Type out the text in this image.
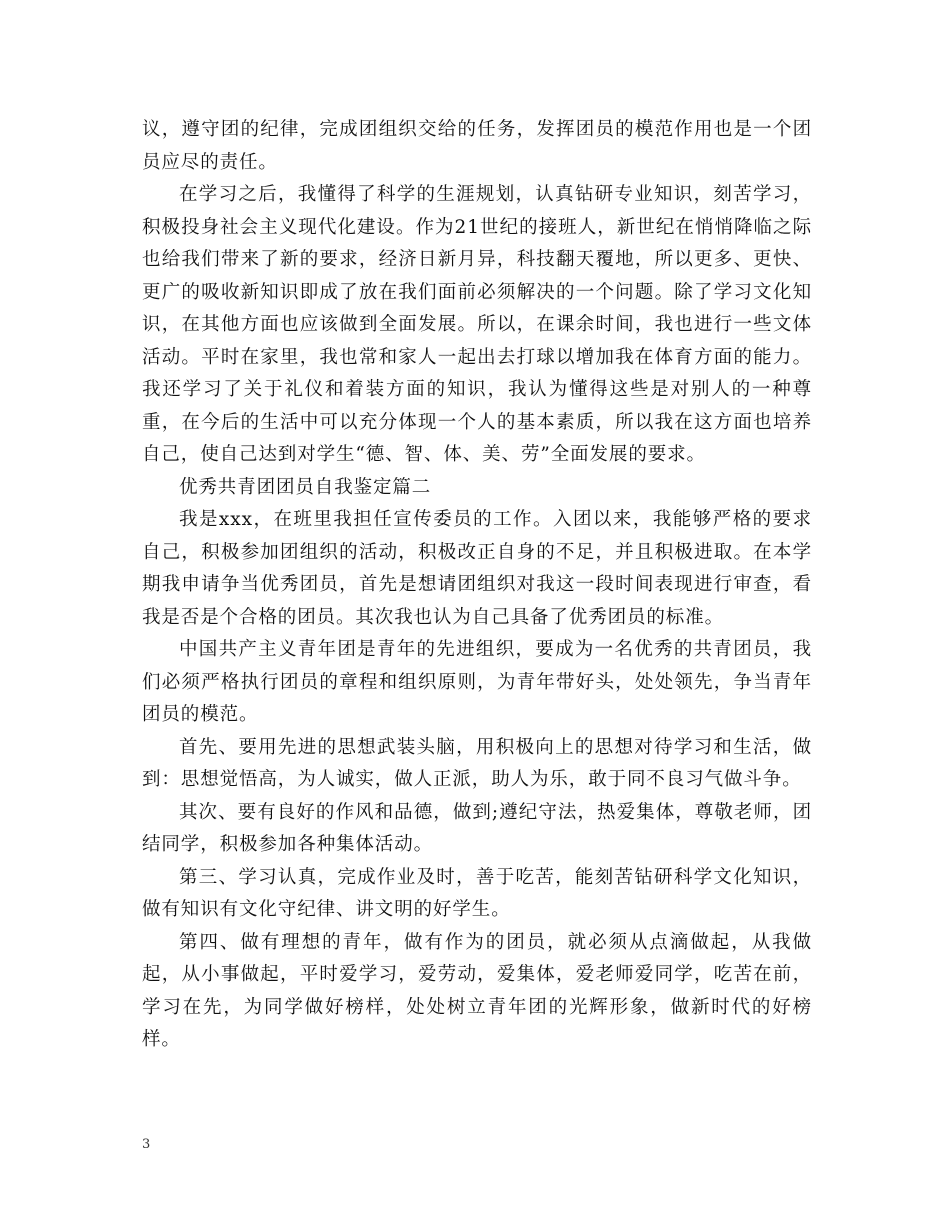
议，遵守团的纪律，完成团组织交给的任务，发挥团员的模范作用也是一个团员应尽的责任。

在学习之后，我懂得了科学的生涯规划，认真钻研专业知识，刻苦学习，积极投身社会主义现代化建设。作为21世纪的接班人，新世纪在悄悄降临之际也给我们带来了新的要求，经济日新月异，科技翻天覆地，所以更多、更快、更广的吸收新知识即成了放在我们面前必须解决的一个问题。除了学习文化知识，在其他方面也应该做到全面发展。所以，在课余时间，我也进行一些文体活动。平时在家里，我也常和家人一起出去打球以增加我在体育方面的能力。我还学习了关于礼仪和着装方面的知识，我认为懂得这些是对别人的一种尊重，在今后的生活中可以充分体现一个人的基本素质，所以我在这方面也培养自己，使自己达到对学生“德、智、体、美、劳”全面发展的要求。

优秀共青团团员自我鉴定篇二

我是xxx，在班里我担任宣传委员的工作。入团以来，我能够严格的要求自己，积极参加团组织的活动，积极改正自身的不足，并且积极进取。在本学期我申请争当优秀团员，首先是想请团组织对我这一段时间表现进行审查，看我是否是个合格的团员。其次我也认为自己具备了优秀团员的标准。

中国共产主义青年团是青年的先进组织，要成为一名优秀的共青团员，我们必须严格执行团员的章程和组织原则，为青年带好头，处处领先，争当青年团员的模范。

首先、要用先进的思想武装头脑，用积极向上的思想对待学习和生活，做到：思想觉悟高，为人诚实，做人正派，助人为乐，敢于同不良习气做斗争。

其次、要有良好的作风和品德，做到;遵纪守法，热爱集体，尊敬老师，团结同学，积极参加各种集体活动。

第三、学习认真，完成作业及时，善于吃苦，能刻苦钻研科学文化知识，做有知识有文化守纪律、讲文明的好学生。

第四、做有理想的青年，做有作为的团员，就必须从点滴做起，从我做起，从小事做起，平时爱学习，爱劳动，爱集体，爱老师爱同学，吃苦在前，学习在先，为同学做好榜样，处处树立青年团的光辉形象，做新时代的好榜样。

3
